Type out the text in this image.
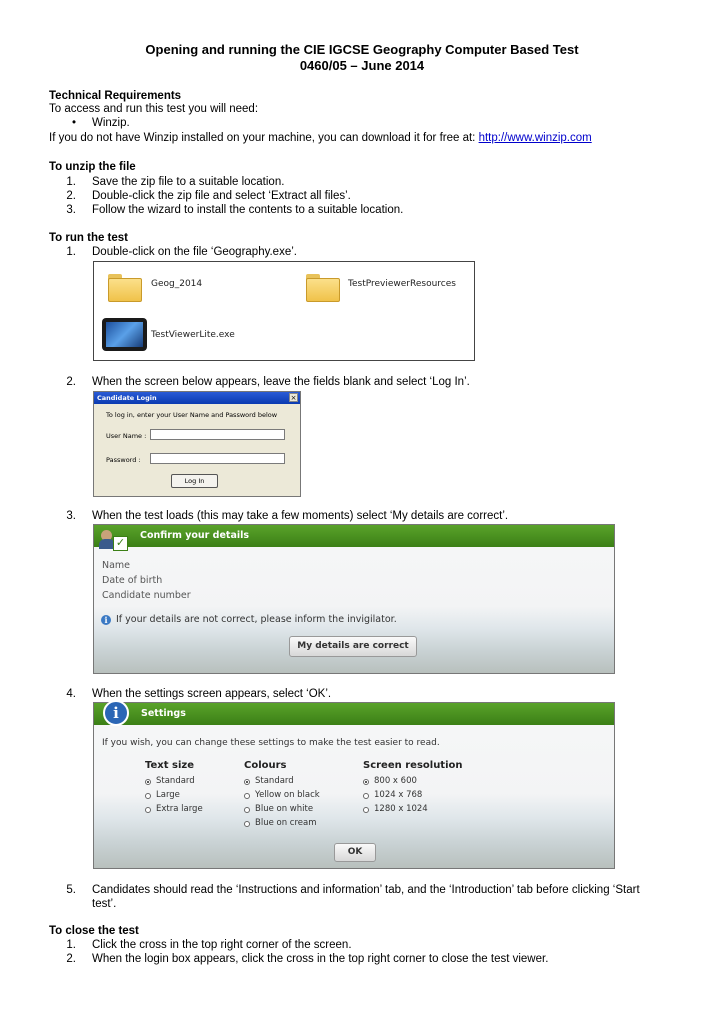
Opening and running the CIE IGCSE Geography Computer Based Test
0460/05 – June 2014
Technical Requirements
To access and run this test you will need:
• Winzip.
If you do not have Winzip installed on your machine, you can download it for free at: http://www.winzip.com
To unzip the file
1. Save the zip file to a suitable location.
2. Double-click the zip file and select ‘Extract all files’.
3. Follow the wizard to install the contents to a suitable location.
To run the test
1. Double-click on the file ‘Geography.exe’.
Geog_2014	TestPreviewerResources
TestViewerLite.exe
2. When the screen below appears, leave the fields blank and select ‘Log In’.
Candidate Login	×
To log in, enter your User Name and Password below
User Name :
Password :
Log In
3. When the test loads (this may take a few moments) select ‘My details are correct’.
✓
Confirm your details
Name
Date of birth
Candidate number
i If your details are not correct, please inform the invigilator.
My details are correct
4. When the settings screen appears, select ‘OK’.
i	Settings
If you wish, you can change these settings to make the test easier to read.
Text size
Standard
Large
Extra large
Colours
Standard
Yellow on black
Blue on white
Blue on cream
Screen resolution
800 x 600
1024 x 768
1280 x 1024
OK
5. Candidates should read the ‘Instructions and information’ tab, and the ‘Introduction’ tab before clicking ‘Start
test’.
To close the test
1. Click the cross in the top right corner of the screen.
2. When the login box appears, click the cross in the top right corner to close the test viewer.
